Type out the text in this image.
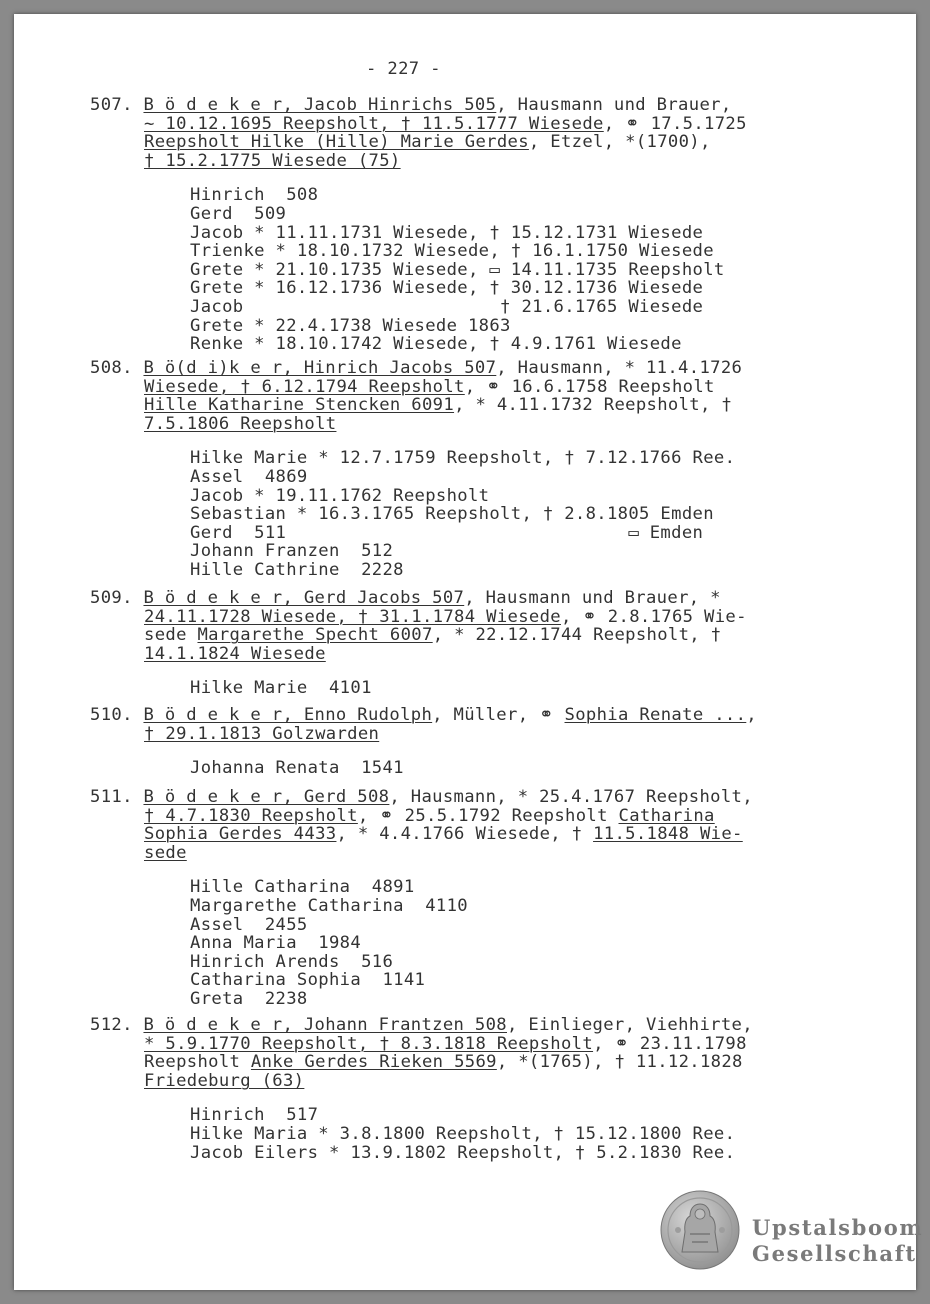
- 227 -
507. B ö d e k e r, Jacob Hinrichs 505, Hausmann und Brauer,
~ 10.12.1695 Reepsholt, † 11.5.1777 Wiesede, ⚭ 17.5.1725
Reepsholt Hilke (Hille) Marie Gerdes, Etzel, *(1700),
† 15.2.1775 Wiesede (75)
Hinrich  508
Gerd  509
Jacob * 11.11.1731 Wiesede, † 15.12.1731 Wiesede
Trienke * 18.10.1732 Wiesede, † 16.1.1750 Wiesede
Grete * 21.10.1735 Wiesede, ▭ 14.11.1735 Reepsholt
Grete * 16.12.1736 Wiesede, † 30.12.1736 Wiesede
Jacob                        † 21.6.1765 Wiesede
Grete * 22.4.1738 Wiesede 1863
Renke * 18.10.1742 Wiesede, † 4.9.1761 Wiesede
508. B ö(d i)k e r, Hinrich Jacobs 507, Hausmann, * 11.4.1726
Wiesede, † 6.12.1794 Reepsholt, ⚭ 16.6.1758 Reepsholt
Hille Katharine Stencken 6091, * 4.11.1732 Reepsholt, †
7.5.1806 Reepsholt
Hilke Marie * 12.7.1759 Reepsholt, † 7.12.1766 Ree.
Assel  4869
Jacob * 19.11.1762 Reepsholt
Sebastian * 16.3.1765 Reepsholt, † 2.8.1805 Emden
Gerd  511                                ▭ Emden
Johann Franzen  512
Hille Cathrine  2228
509. B ö d e k e r, Gerd Jacobs 507, Hausmann und Brauer, *
24.11.1728 Wiesede, † 31.1.1784 Wiesede, ⚭ 2.8.1765 Wie-
sede Margarethe Specht 6007, * 22.12.1744 Reepsholt, †
14.1.1824 Wiesede
Hilke Marie  4101
510. B ö d e k e r, Enno Rudolph, Müller, ⚭ Sophia Renate ...,
† 29.1.1813 Golzwarden
Johanna Renata  1541
511. B ö d e k e r, Gerd 508, Hausmann, * 25.4.1767 Reepsholt,
† 4.7.1830 Reepsholt, ⚭ 25.5.1792 Reepsholt Catharina
Sophia Gerdes 4433, * 4.4.1766 Wiesede, † 11.5.1848 Wie-
sede
Hille Catharina  4891
Margarethe Catharina  4110
Assel  2455
Anna Maria  1984
Hinrich Arends  516
Catharina Sophia  1141
Greta  2238
512. B ö d e k e r, Johann Frantzen 508, Einlieger, Viehhirte,
* 5.9.1770 Reepsholt, † 8.3.1818 Reepsholt, ⚭ 23.11.1798
Reepsholt Anke Gerdes Rieken 5569, *(1765), † 11.12.1828
Friedeburg (63)
Hinrich  517
Hilke Maria * 3.8.1800 Reepsholt, † 15.12.1800 Ree.
Jacob Eilers * 13.9.1802 Reepsholt, † 5.2.1830 Ree.
Upstalsboom
Gesellschaft
